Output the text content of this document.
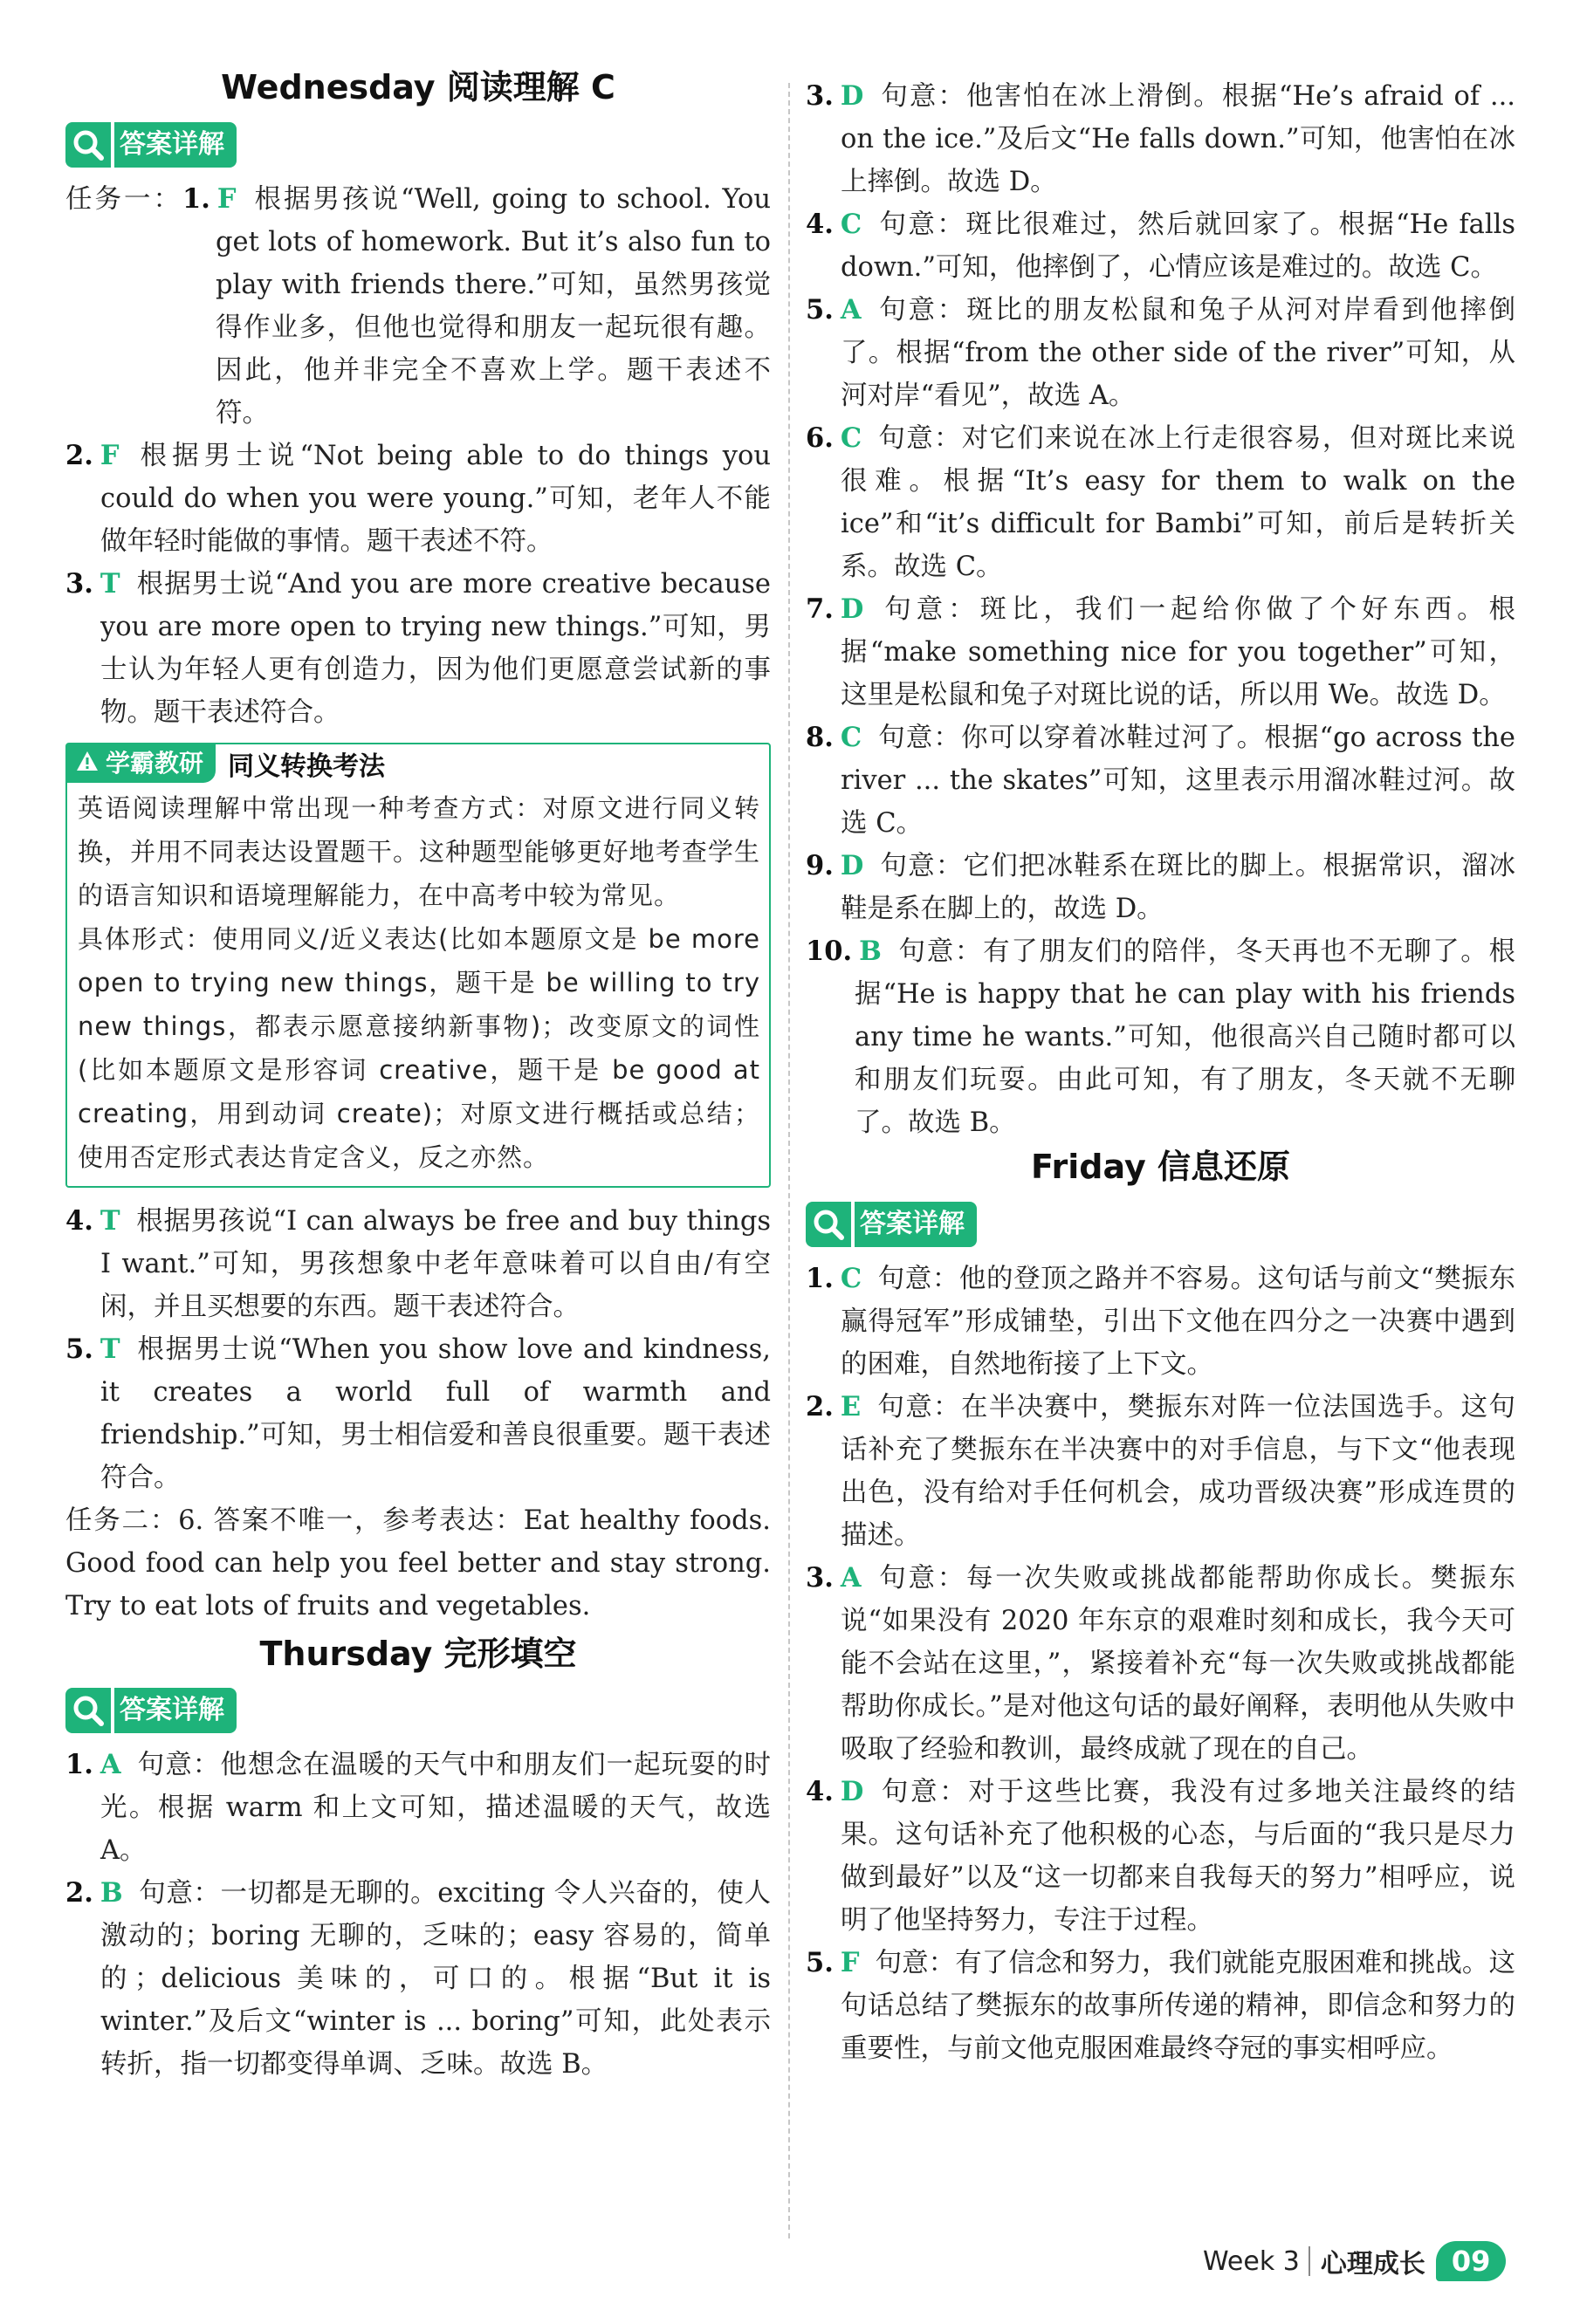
Wednesday 阅读理解 C
答案详解

任务一：1. F 根据男孩说“Well, going to school. You get lots of homework. But it’s also fun to play with friends there.”可知，虽然男孩觉得作业多，但他也觉得和朋友一起玩很有趣。因此，他并非完全不喜欢上学。题干表述不符。

2. F 根据男士说“Not being able to do things you could do when you were young.”可知，老年人不能做年轻时能做的事情。题干表述不符。

3. T 根据男士说“And you are more creative because you are more open to trying new things.”可知，男士认为年轻人更有创造力，因为他们更愿意尝试新的事物。题干表述符合。

学霸教研 同义转换考法

英语阅读理解中常出现一种考查方式：对原文进行同义转换，并用不同表达设置题干。这种题型能够更好地考查学生的语言知识和语境理解能力，在中高考中较为常见。

具体形式：使用同义/近义表达(比如本题原文是 be more open to trying new things，题干是 be willing to try new things，都表示愿意接纳新事物)；改变原文的词性(比如本题原文是形容词 creative，题干是 be good at creating，用到动词 create)；对原文进行概括或总结；使用否定形式表达肯定含义，反之亦然。

4. T 根据男孩说“I can always be free and buy things I want.”可知，男孩想象中老年意味着可以自由/有空闲，并且买想要的东西。题干表述符合。

5. T 根据男士说“When you show love and kindness, it creates a world full of warmth and friendship.”可知，男士相信爱和善良很重要。题干表述符合。

任务二：6. 答案不唯一，参考表达：Eat healthy foods. Good food can help you feel better and stay strong. Try to eat lots of fruits and vegetables.

Thursday 完形填空
答案详解

1. A 句意：他想念在温暖的天气中和朋友们一起玩耍的时光。根据 warm 和上文可知，描述温暖的天气，故选 A。

2. B 句意：一切都是无聊的。exciting 令人兴奋的，使人激动的；boring 无聊的，乏味的；easy 容易的，简单的；delicious 美味的，可口的。根据“But it is winter.”及后文“winter is ... boring”可知，此处表示转折，指一切都变得单调、乏味。故选 B。

3. D 句意：他害怕在冰上滑倒。根据“He’s afraid of ... on the ice.”及后文“He falls down.”可知，他害怕在冰上摔倒。故选 D。

4. C 句意：斑比很难过，然后就回家了。根据“He falls down.”可知，他摔倒了，心情应该是难过的。故选 C。

5. A 句意：斑比的朋友松鼠和兔子从河对岸看到他摔倒了。根据“from the other side of the river”可知，从河对岸“看见”，故选 A。

6. C 句意：对它们来说在冰上行走很容易，但对斑比来说很难。根据“It’s easy for them to walk on the ice”和“it’s difficult for Bambi”可知，前后是转折关系。故选 C。

7. D 句意：斑比，我们一起给你做了个好东西。根据“make something nice for you together”可知，这里是松鼠和兔子对斑比说的话，所以用 We。故选 D。

8. C 句意：你可以穿着冰鞋过河了。根据“go across the river ... the skates”可知，这里表示用溜冰鞋过河。故选 C。

9. D 句意：它们把冰鞋系在斑比的脚上。根据常识，溜冰鞋是系在脚上的，故选 D。

10. B 句意：有了朋友们的陪伴，冬天再也不无聊了。根据“He is happy that he can play with his friends any time he wants.”可知，他很高兴自己随时都可以和朋友们玩耍。由此可知，有了朋友，冬天就不无聊了。故选 B。

Friday 信息还原
答案详解

1. C 句意：他的登顶之路并不容易。这句话与前文“樊振东赢得冠军”形成铺垫，引出下文他在四分之一决赛中遇到的困难，自然地衔接了上下文。

2. E 句意：在半决赛中，樊振东对阵一位法国选手。这句话补充了樊振东在半决赛中的对手信息，与下文“他表现出色，没有给对手任何机会，成功晋级决赛”形成连贯的描述。

3. A 句意：每一次失败或挑战都能帮助你成长。樊振东说“如果没有 2020 年东京的艰难时刻和成长，我今天可能不会站在这里，”，紧接着补充“每一次失败或挑战都能帮助你成长。”是对他这句话的最好阐释，表明他从失败中吸取了经验和教训，最终成就了现在的自己。

4. D 句意：对于这些比赛，我没有过多地关注最终的结果。这句话补充了他积极的心态，与后面的“我只是尽力做到最好”以及“这一切都来自我每天的努力”相呼应，说明了他坚持努力，专注于过程。

5. F 句意：有了信念和努力，我们就能克服困难和挑战。这句话总结了樊振东的故事所传递的精神，即信念和努力的重要性，与前文他克服困难最终夺冠的事实相呼应。

Week 3 心理成长 09
